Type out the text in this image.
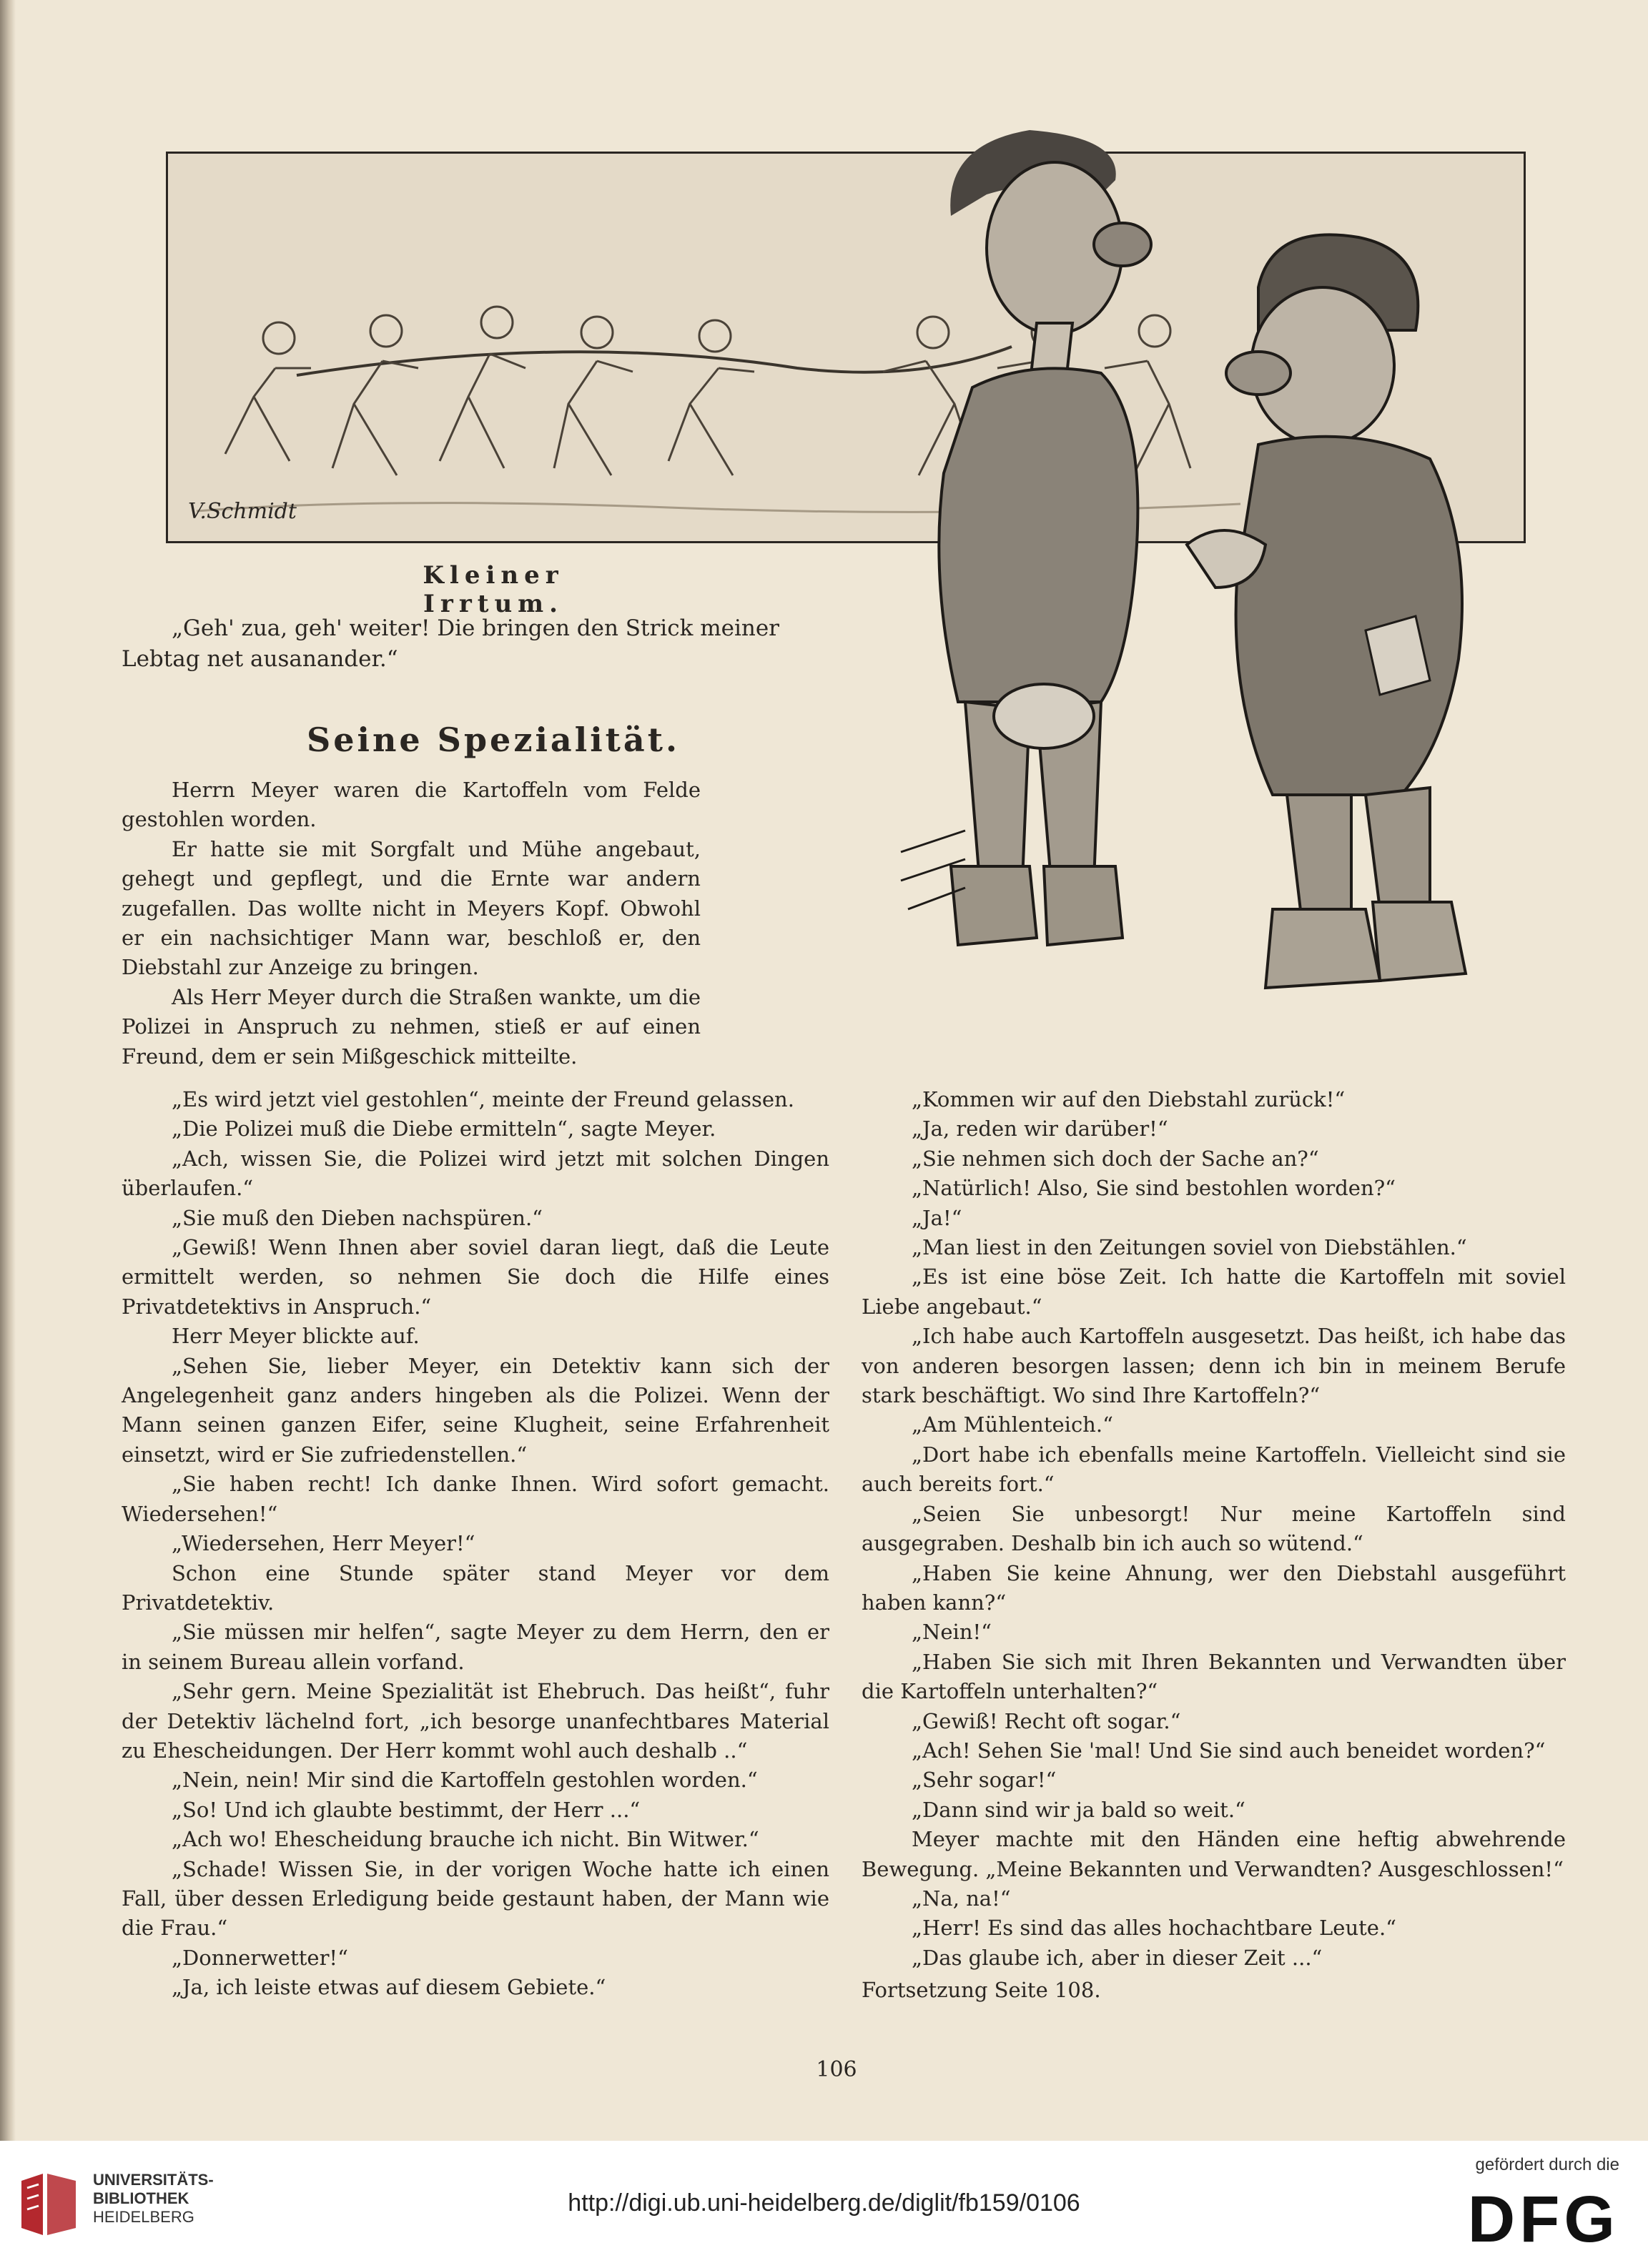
V.Schmidt
Kleiner Irrtum.
„Geh' zua, geh' weiter! Die bringen den Strick meiner Lebtag net ausanander.“
Seine Spezialität.

Herrn Meyer waren die Kartoffeln vom Felde gestohlen worden.

Er hatte sie mit Sorgfalt und Mühe angebaut, gehegt und gepflegt, und die Ernte war andern zugefallen. Das wollte nicht in Meyers Kopf. Obwohl er ein nachsichtiger Mann war, beschloß er, den Diebstahl zur Anzeige zu bringen.

Als Herr Meyer durch die Straßen wankte, um die Polizei in Anspruch zu nehmen, stieß er auf einen Freund, dem er sein Mißgeschick mitteilte.

„Es wird jetzt viel gestohlen“, meinte der Freund gelassen.

„Die Polizei muß die Diebe ermitteln“, sagte Meyer.

„Ach, wissen Sie, die Polizei wird jetzt mit solchen Dingen überlaufen.“

„Sie muß den Dieben nachspüren.“

„Gewiß! Wenn Ihnen aber soviel daran liegt, daß die Leute ermittelt werden, so nehmen Sie doch die Hilfe eines Privatdetektivs in Anspruch.“

Herr Meyer blickte auf.

„Sehen Sie, lieber Meyer, ein Detektiv kann sich der Angelegenheit ganz anders hingeben als die Polizei. Wenn der Mann seinen ganzen Eifer, seine Klugheit, seine Erfahrenheit einsetzt, wird er Sie zufriedenstellen.“

„Sie haben recht! Ich danke Ihnen. Wird sofort gemacht. Wiedersehen!“

„Wiedersehen, Herr Meyer!“

Schon eine Stunde später stand Meyer vor dem Privatdetektiv.

„Sie müssen mir helfen“, sagte Meyer zu dem Herrn, den er in seinem Bureau allein vorfand.

„Sehr gern. Meine Spezialität ist Ehebruch. Das heißt“, fuhr der Detektiv lächelnd fort, „ich besorge unanfechtbares Material zu Ehescheidungen. Der Herr kommt wohl auch deshalb ..“

„Nein, nein! Mir sind die Kartoffeln gestohlen worden.“

„So! Und ich glaubte bestimmt, der Herr ...“

„Ach wo! Ehescheidung brauche ich nicht. Bin Witwer.“

„Schade! Wissen Sie, in der vorigen Woche hatte ich einen Fall, über dessen Erledigung beide gestaunt haben, der Mann wie die Frau.“

„Donnerwetter!“

„Ja, ich leiste etwas auf diesem Gebiete.“

„Kommen wir auf den Diebstahl zurück!“

„Ja, reden wir darüber!“

„Sie nehmen sich doch der Sache an?“

„Natürlich! Also, Sie sind bestohlen worden?“

„Ja!“

„Man liest in den Zeitungen soviel von Diebstählen.“

„Es ist eine böse Zeit. Ich hatte die Kartoffeln mit soviel Liebe angebaut.“

„Ich habe auch Kartoffeln ausgesetzt. Das heißt, ich habe das von anderen besorgen lassen; denn ich bin in meinem Berufe stark beschäftigt. Wo sind Ihre Kartoffeln?“

„Am Mühlenteich.“

„Dort habe ich ebenfalls meine Kartoffeln. Vielleicht sind sie auch bereits fort.“

„Seien Sie unbesorgt! Nur meine Kartoffeln sind ausgegraben. Deshalb bin ich auch so wütend.“

„Haben Sie keine Ahnung, wer den Diebstahl ausgeführt haben kann?“

„Nein!“

„Haben Sie sich mit Ihren Bekannten und Verwandten über die Kartoffeln unterhalten?“

„Gewiß! Recht oft sogar.“

„Ach! Sehen Sie 'mal! Und Sie sind auch beneidet worden?“

„Sehr sogar!“

„Dann sind wir ja bald so weit.“

Meyer machte mit den Händen eine heftig abwehrende Bewegung. „Meine Bekannten und Verwandten? Ausgeschlossen!“

„Na, na!“

„Herr! Es sind das alles hochachtbare Leute.“

„Das glaube ich, aber in dieser Zeit ...“

Fortsetzung Seite 108.

106
UNIVERSITÄTS-
BIBLIOTHEK
HEIDELBERG
http://digi.ub.uni-heidelberg.de/diglit/fb159/0106
gefördert durch die
DFG
